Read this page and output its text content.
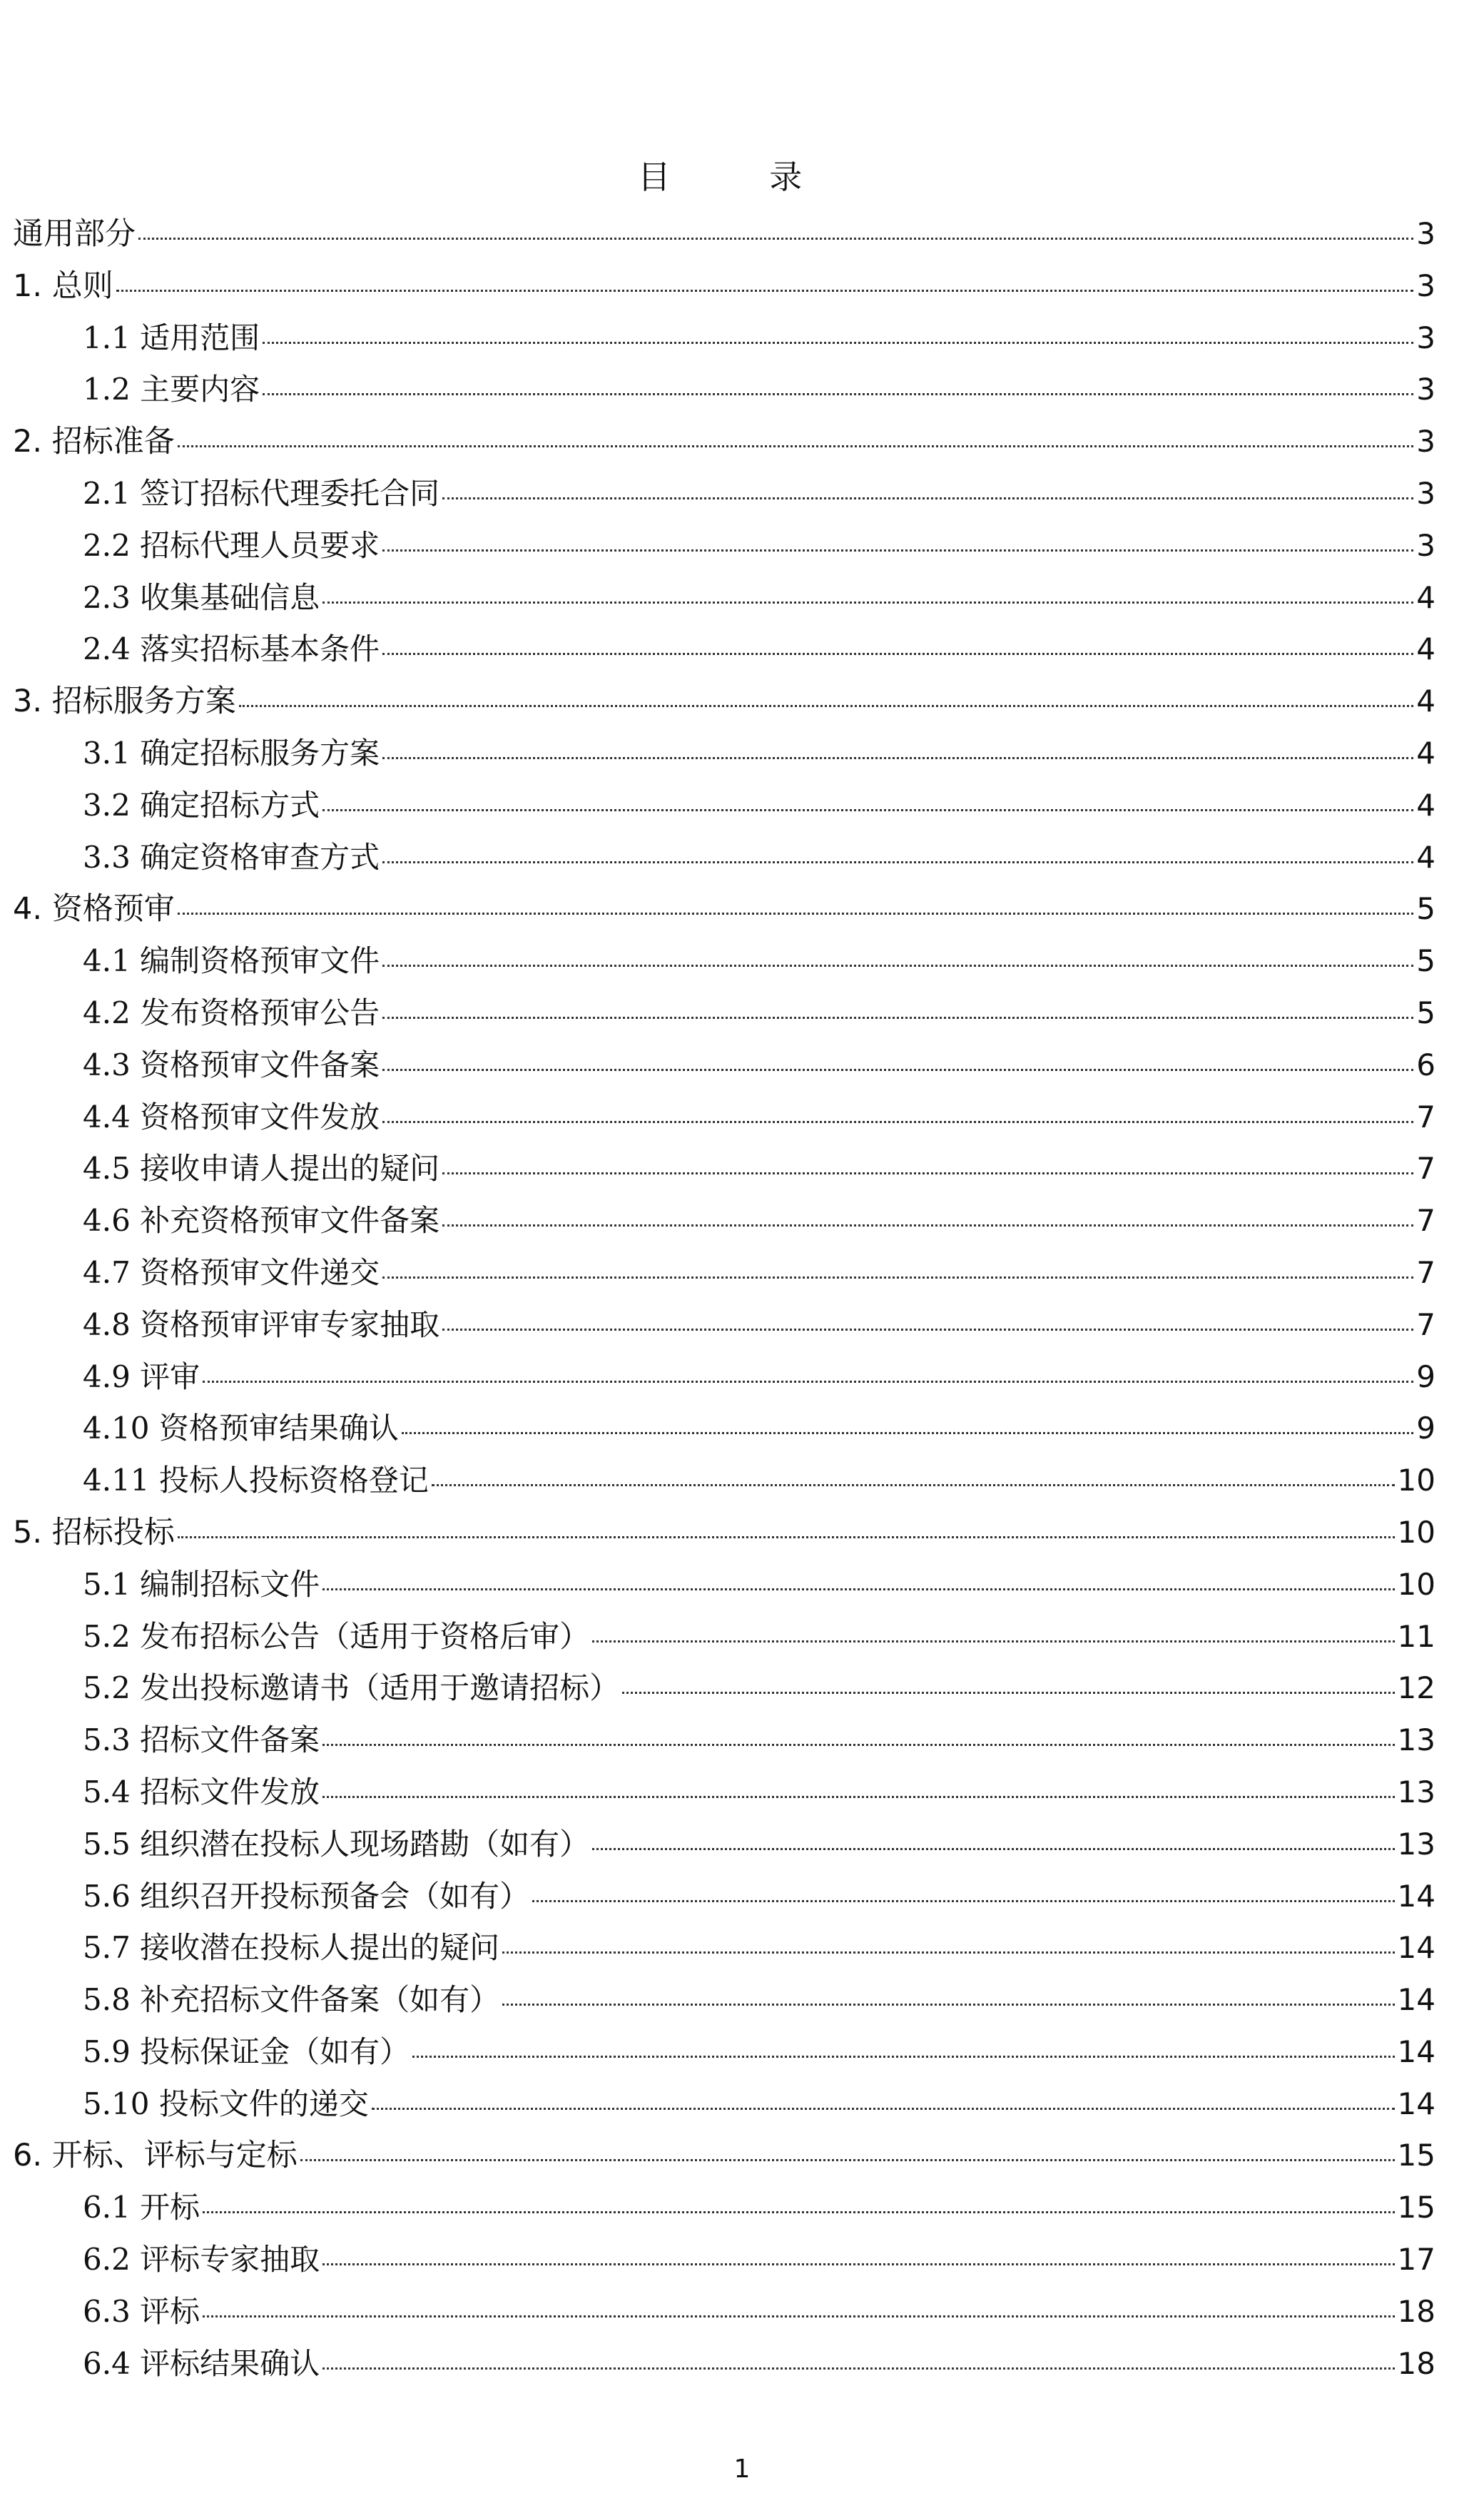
目 录
通用部分	3
1. 总则	3
1.1 适用范围	3
1.2 主要内容	3
2. 招标准备	3
2.1 签订招标代理委托合同	3
2.2 招标代理人员要求	3
2.3 收集基础信息	4
2.4 落实招标基本条件	4
3. 招标服务方案	4
3.1 确定招标服务方案	4
3.2 确定招标方式	4
3.3 确定资格审查方式	4
4. 资格预审	5
4.1 编制资格预审文件	5
4.2 发布资格预审公告	5
4.3 资格预审文件备案	6
4.4 资格预审文件发放	7
4.5 接收申请人提出的疑问	7
4.6 补充资格预审文件备案	7
4.7 资格预审文件递交	7
4.8 资格预审评审专家抽取	7
4.9 评审	9
4.10 资格预审结果确认	9
4.11 投标人投标资格登记	10
5. 招标投标	10
5.1 编制招标文件	10
5.2 发布招标公告（适用于资格后审）	11
5.2 发出投标邀请书（适用于邀请招标）	12
5.3 招标文件备案	13
5.4 招标文件发放	13
5.5 组织潜在投标人现场踏勘（如有）	13
5.6 组织召开投标预备会（如有）	14
5.7 接收潜在投标人提出的疑问	14
5.8 补充招标文件备案（如有）	14
5.9 投标保证金（如有）	14
5.10 投标文件的递交	14
6. 开标、评标与定标	15
6.1 开标	15
6.2 评标专家抽取	17
6.3 评标	18
6.4 评标结果确认	18
1
